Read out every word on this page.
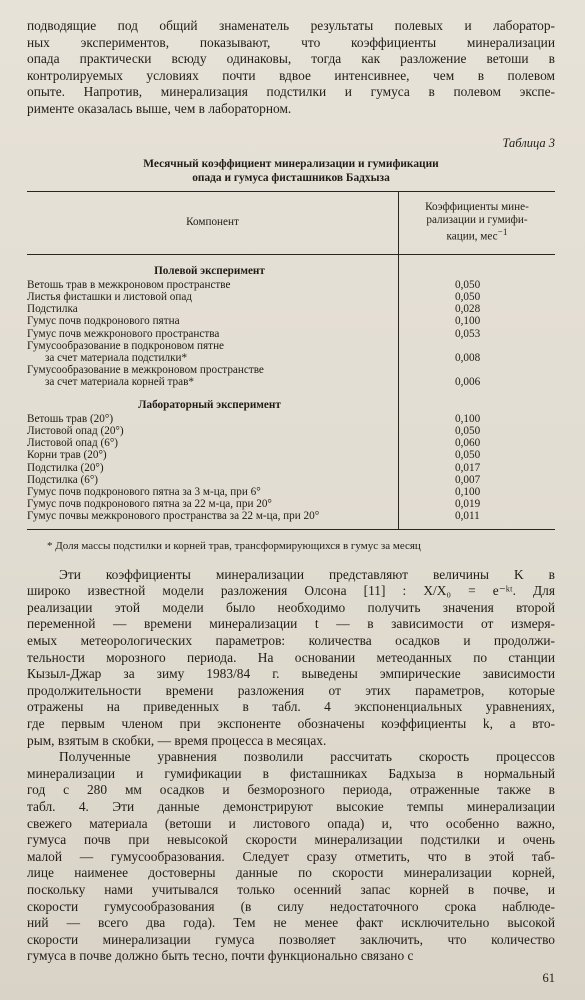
подводящие под общий знаменатель результаты полевых и лаборатор-
ных экспериментов, показывают, что коэффициенты минерализации
опада практически всюду одинаковы, тогда как разложение ветоши в
контролируемых условиях почти вдвое интенсивнее, чем в полевом
опыте. Напротив, минерализация подстилки и гумуса в полевом экспе-
рименте оказалась выше, чем в лабораторном.
Таблица 3
Месячный коэффициент минерализации и гумификации
опада и гумуса фисташников Бадхыза
Компонент	Коэффициенты мине-
рализации и гумифи-
кации, мес$^{-1}$

Полевой эксперимент	
Ветошь трав в межкроновом пространстве	0,050
Листья фисташки и листовой опад	0,050
Подстилка	0,028
Гумус почв подкронового пятна	0,100
Гумус почв межкронового пространства	0,053
Гумусообразование в подкроновом пятне	
за счет материала подстилки*	0,008
Гумусообразование в межкроновом пространстве	
за счет материала корней трав*	0,006
Лабораторный эксперимент	
Ветошь трав (20°)	0,100
Листовой опад (20°)	0,050
Листовой опад (6°)	0,060
Корни трав (20°)	0,050
Подстилка (20°)	0,017
Подстилка (6°)	0,007
Гумус почв подкронового пятна за 3 м-ца, при 6°	0,100
Гумус почв подкронового пятна за 22 м-ца, при 20°	0,019
Гумус почвы межкронового пространства за 22 м-ца, при 20°	0,011
* Доля массы подстилки и корней трав, трансформирующихся в гумус за месяц
Эти коэффициенты минерализации представляют величины K в
широко известной модели разложения Олсона [11] : X/X₀ = e⁻ᵏᵗ. Для
реализации этой модели было необходимо получить значения второй
переменной — времени минерализации t — в зависимости от измеря-
емых метеорологических параметров: количества осадков и продолжи-
тельности морозного периода. На основании метеоданных по станции
Кызыл-Джар за зиму 1983/84 г. выведены эмпирические зависимости
продолжительности времени разложения от этих параметров, которые
отражены на приведенных в табл. 4 экспоненциальных уравнениях,
где первым членом при экспоненте обозначены коэффициенты k, а вто-
рым, взятым в скобки, — время процесса в месяцах.
Полученные уравнения позволили рассчитать скорость процессов
минерализации и гумификации в фисташниках Бадхыза в нормальный
год с 280 мм осадков и безморозного периода, отраженные также в
табл. 4. Эти данные демонстрируют высокие темпы минерализации
свежего материала (ветоши и листового опада) и, что особенно важно,
гумуса почв при невысокой скорости минерализации подстилки и очень
малой — гумусообразования. Следует сразу отметить, что в этой таб-
лице наименее достоверны данные по скорости минерализации корней,
поскольку нами учитывался только осенний запас корней в почве, и
скорости гумусообразования (в силу недостаточного срока наблюде-
ний — всего два года). Тем не менее факт исключительно высокой
скорости минерализации гумуса позволяет заключить, что количество
гумуса в почве должно быть тесно, почти функционально связано с
61
